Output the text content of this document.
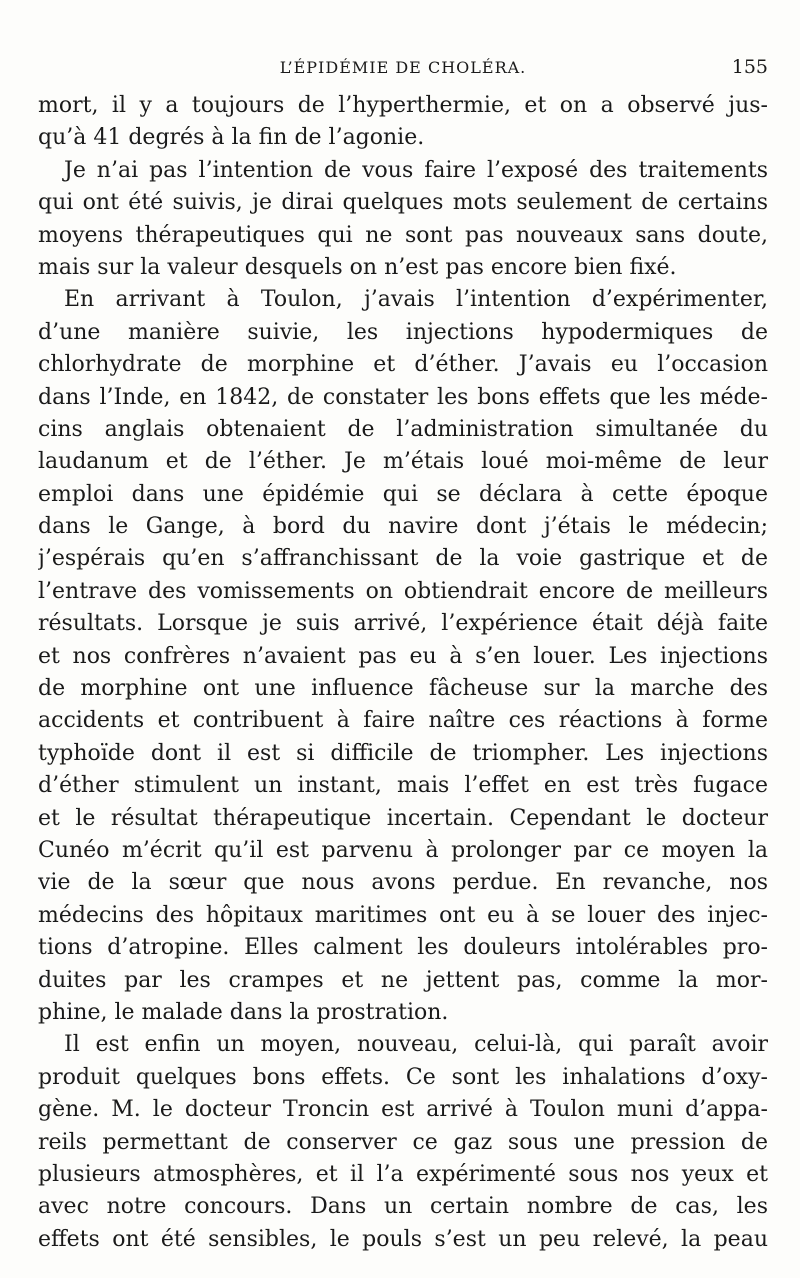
L’ÉPIDÉMIE DE CHOLÉRA.	155
mort, il y a toujours de l’hyperthermie, et on a observé jus-
qu’à 41 degrés à la fin de l’agonie.
Je n’ai pas l’intention de vous faire l’exposé des traitements
qui ont été suivis, je dirai quelques mots seulement de certains
moyens thérapeutiques qui ne sont pas nouveaux sans doute,
mais sur la valeur desquels on n’est pas encore bien fixé.
En arrivant à Toulon, j’avais l’intention d’expérimenter,
d’une manière suivie, les injections hypodermiques de
chlorhydrate de morphine et d’éther. J’avais eu l’occasion
dans l’Inde, en 1842, de constater les bons effets que les méde-
cins anglais obtenaient de l’administration simultanée du
laudanum et de l’éther. Je m’étais loué moi-même de leur
emploi dans une épidémie qui se déclara à cette époque
dans le Gange, à bord du navire dont j’étais le médecin;
j’espérais qu’en s’affranchissant de la voie gastrique et de
l’entrave des vomissements on obtiendrait encore de meilleurs
résultats. Lorsque je suis arrivé, l’expérience était déjà faite
et nos confrères n’avaient pas eu à s’en louer. Les injections
de morphine ont une influence fâcheuse sur la marche des
accidents et contribuent à faire naître ces réactions à forme
typhoïde dont il est si difficile de triompher. Les injections
d’éther stimulent un instant, mais l’effet en est très fugace
et le résultat thérapeutique incertain. Cependant le docteur
Cunéo m’écrit qu’il est parvenu à prolonger par ce moyen la
vie de la sœur que nous avons perdue. En revanche, nos
médecins des hôpitaux maritimes ont eu à se louer des injec-
tions d’atropine. Elles calment les douleurs intolérables pro-
duites par les crampes et ne jettent pas, comme la mor-
phine, le malade dans la prostration.
Il est enfin un moyen, nouveau, celui-là, qui paraît avoir
produit quelques bons effets. Ce sont les inhalations d’oxy-
gène. M. le docteur Troncin est arrivé à Toulon muni d’appa-
reils permettant de conserver ce gaz sous une pression de
plusieurs atmosphères, et il l’a expérimenté sous nos yeux et
avec notre concours. Dans un certain nombre de cas, les
effets ont été sensibles, le pouls s’est un peu relevé, la peau
